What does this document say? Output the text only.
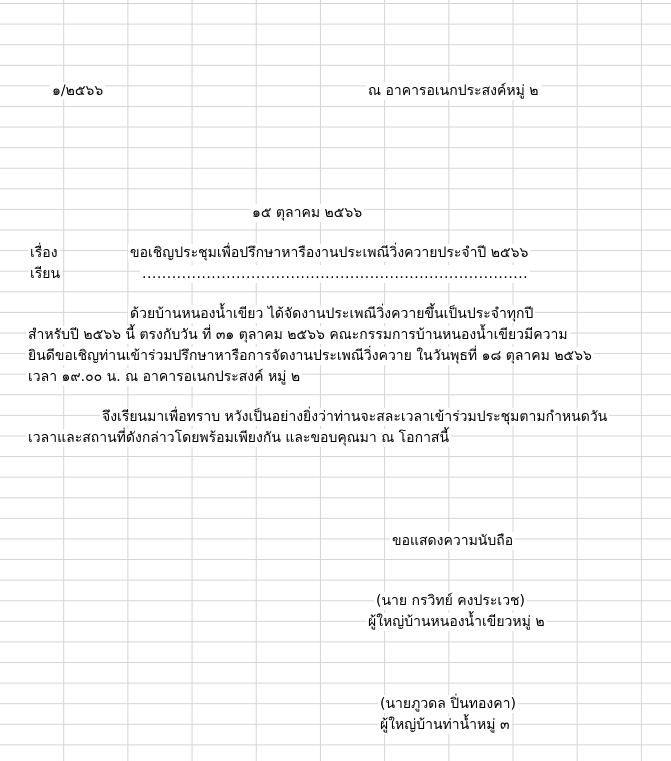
๑/๒๕๖๖	ณ อาคารอเนกประสงค์หมู่ ๒
๑๕ ตุลาคม ๒๕๖๖
เรื่อง	ขอเชิญประชุมเพื่อปรึกษาหารืองานประเพณีวิ่งควายประจำปี ๒๕๖๖
เรียน	..............................................................................
ด้วยบ้านหนองน้ำเขียว ได้จัดงานประเพณีวิ่งควายขึ้นเป็นประจำทุกปี
สำหรับปี ๒๕๖๖ นี้ ตรงกับวัน ที่ ๓๑ ตุลาคม ๒๕๖๖ คณะกรรมการบ้านหนองน้ำเขียวมีความ
ยินดีขอเชิญท่านเข้าร่วมปรึกษาหารือการจัดงานประเพณีวิ่งควาย ในวันพุธที่ ๑๘ ตุลาคม ๒๕๖๖
เวลา ๑๙.๐๐ น. ณ อาคารอเนกประสงค์ หมู่ ๒
จึงเรียนมาเพื่อทราบ หวังเป็นอย่างยิ่งว่าท่านจะสละเวลาเข้าร่วมประชุมตามกำหนดวัน
เวลาและสถานที่ดังกล่าวโดยพร้อมเพียงกัน และขอบคุณมา ณ โอกาสนี้
ขอแสดงความนับถือ
(นาย กรวิทย์ คงประเวช)
ผู้ใหญ่บ้านหนองน้ำเขียวหมู่ ๒
(นายภูวดล ปิ่นทองคา)
ผู้ใหญ่บ้านท่าน้ำหมู่ ๓
